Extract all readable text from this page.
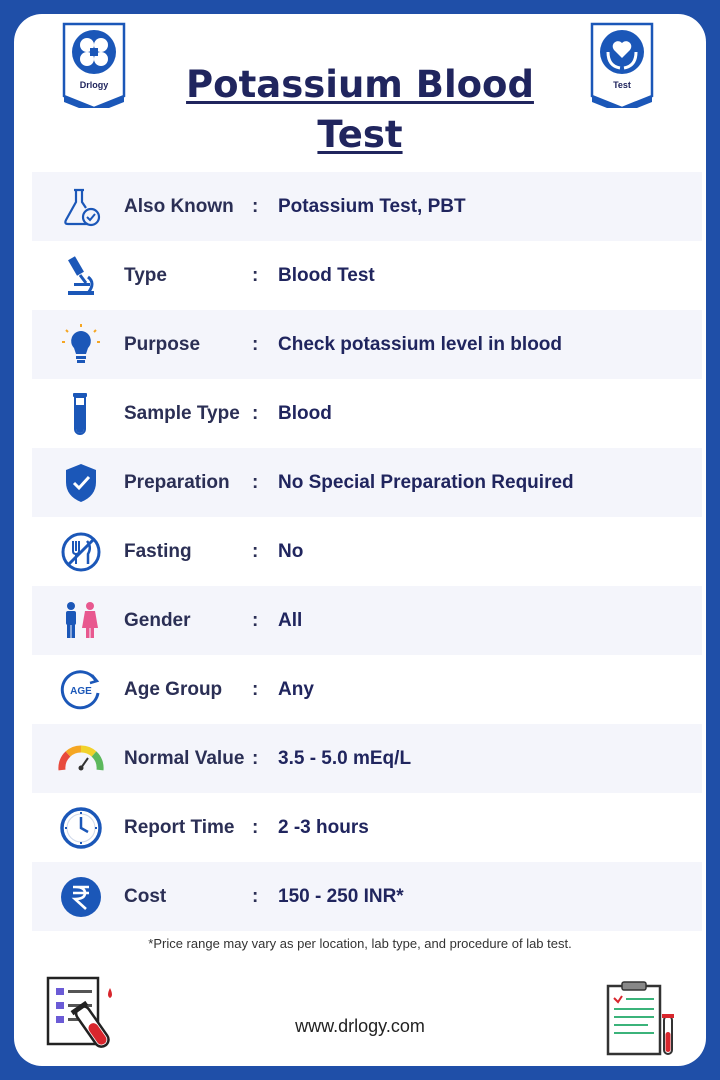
Drlogy	Potassium Blood
Test
Test
Also Known : Potassium Test, PBT
Type	: Blood Test
Purpose	: Check potassium level in blood
Sample Type : Blood
Preparation : No Special Preparation Required
Fasting	: No
Gender	: All
AGE Age Group : Any
Normal Value : 3.5 - 5.0 mEq/L
Report Time : 2 -3 hours
Cost	: 150 - 250 INR*
*Price range may vary as per location, lab type, and procedure of lab test.
www.drlogy.com
